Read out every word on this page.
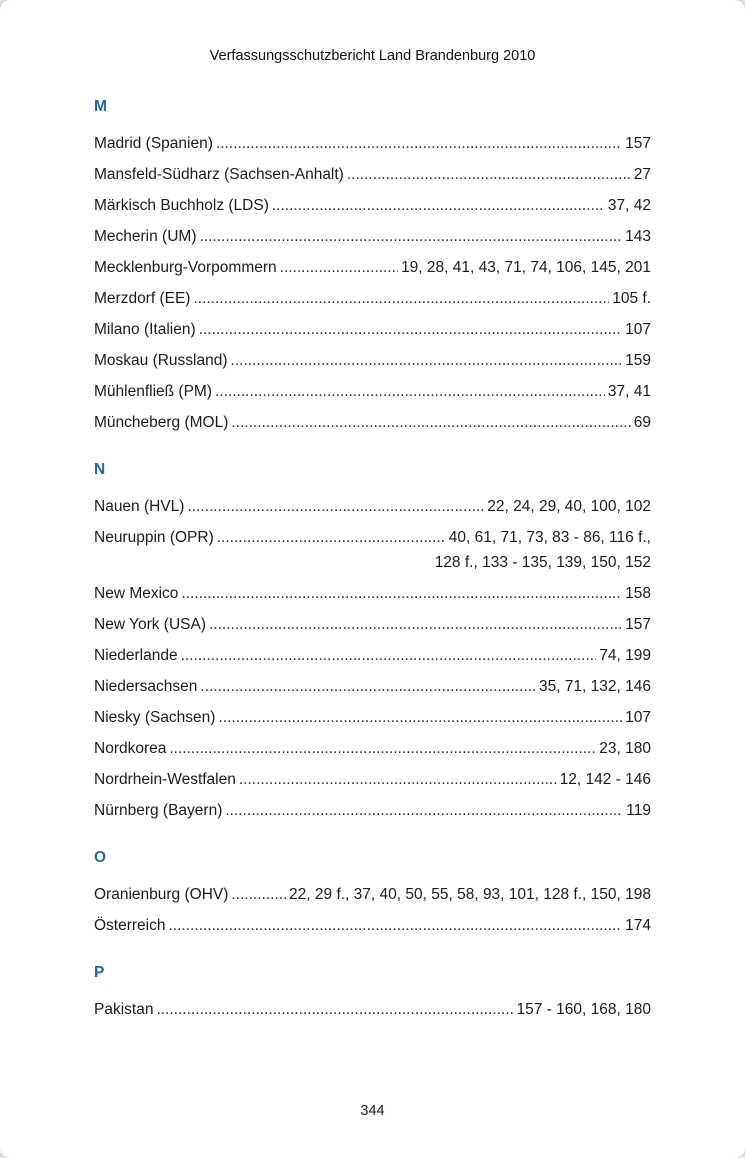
Verfassungsschutzbericht Land Brandenburg 2010
M
Madrid (Spanien) .....	157
Mansfeld-Südharz (Sachsen-Anhalt) .....	27
Märkisch Buchholz (LDS) .....	37, 42
Mecherin (UM) .....	143
Mecklenburg-Vorpommern .....	19, 28, 41, 43, 71, 74, 106, 145, 201
Merzdorf (EE) .....	105 f.
Milano (Italien) .....	107
Moskau (Russland) .....	159
Mühlenfließ (PM) .....	37, 41
Müncheberg (MOL) .....	69
N
Nauen (HVL) .....	22, 24, 29, 40, 100, 102
Neuruppin (OPR) .....	40, 61, 71, 73, 83 - 86, 116 f.,
128 f., 133 - 135, 139, 150, 152
New Mexico .....	158
New York (USA) .....	157
Niederlande .....	74, 199
Niedersachsen .....	35, 71, 132, 146
Niesky (Sachsen) .....	107
Nordkorea .....	23, 180
Nordrhein-Westfalen .....	12, 142 - 146
Nürnberg (Bayern) .....	119
O
Oranienburg (OHV) .....	22, 29 f., 37, 40, 50, 55, 58, 93, 101, 128 f., 150, 198
Österreich .....	174
P
Pakistan .....	157 - 160, 168, 180
344
